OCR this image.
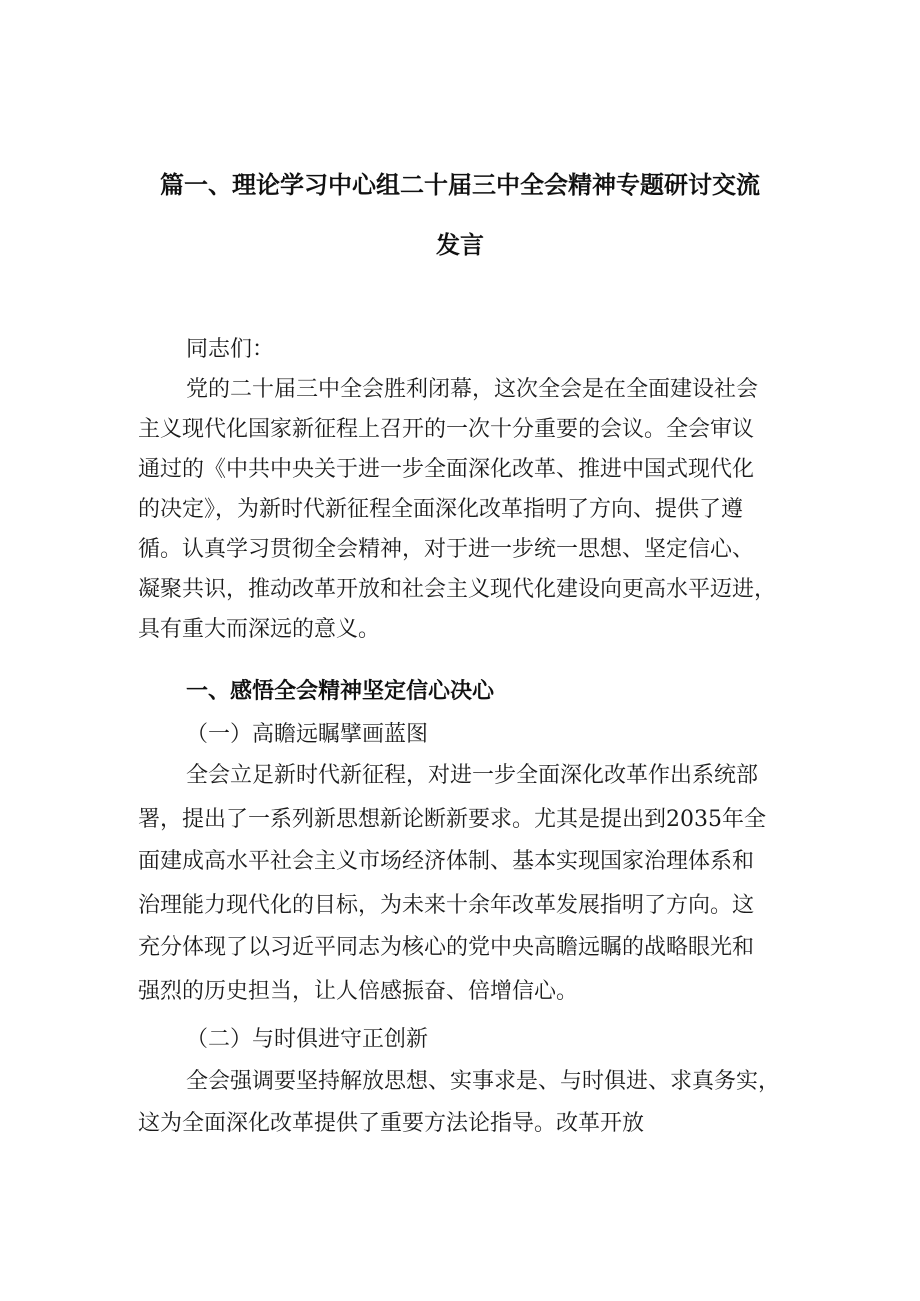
篇一、理论学习中心组二十届三中全会精神专题研讨交流
发言
同志们：
党的二十届三中全会胜利闭幕，这次全会是在全面建设社会
主义现代化国家新征程上召开的一次十分重要的会议。全会审议
通过的《中共中央关于进一步全面深化改革、推进中国式现代化
的决定》，为新时代新征程全面深化改革指明了方向、提供了遵
循。认真学习贯彻全会精神，对于进一步统一思想、坚定信心、
凝聚共识，推动改革开放和社会主义现代化建设向更高水平迈进，
具有重大而深远的意义。
一、感悟全会精神坚定信心决心
（一）高瞻远瞩擘画蓝图
全会立足新时代新征程，对进一步全面深化改革作出系统部
署，提出了一系列新思想新论断新要求。尤其是提出到2035年全
面建成高水平社会主义市场经济体制、基本实现国家治理体系和
治理能力现代化的目标，为未来十余年改革发展指明了方向。这
充分体现了以习近平同志为核心的党中央高瞻远瞩的战略眼光和
强烈的历史担当，让人倍感振奋、倍增信心。
（二）与时俱进守正创新
全会强调要坚持解放思想、实事求是、与时俱进、求真务实，
这为全面深化改革提供了重要方法论指导。改革开放
